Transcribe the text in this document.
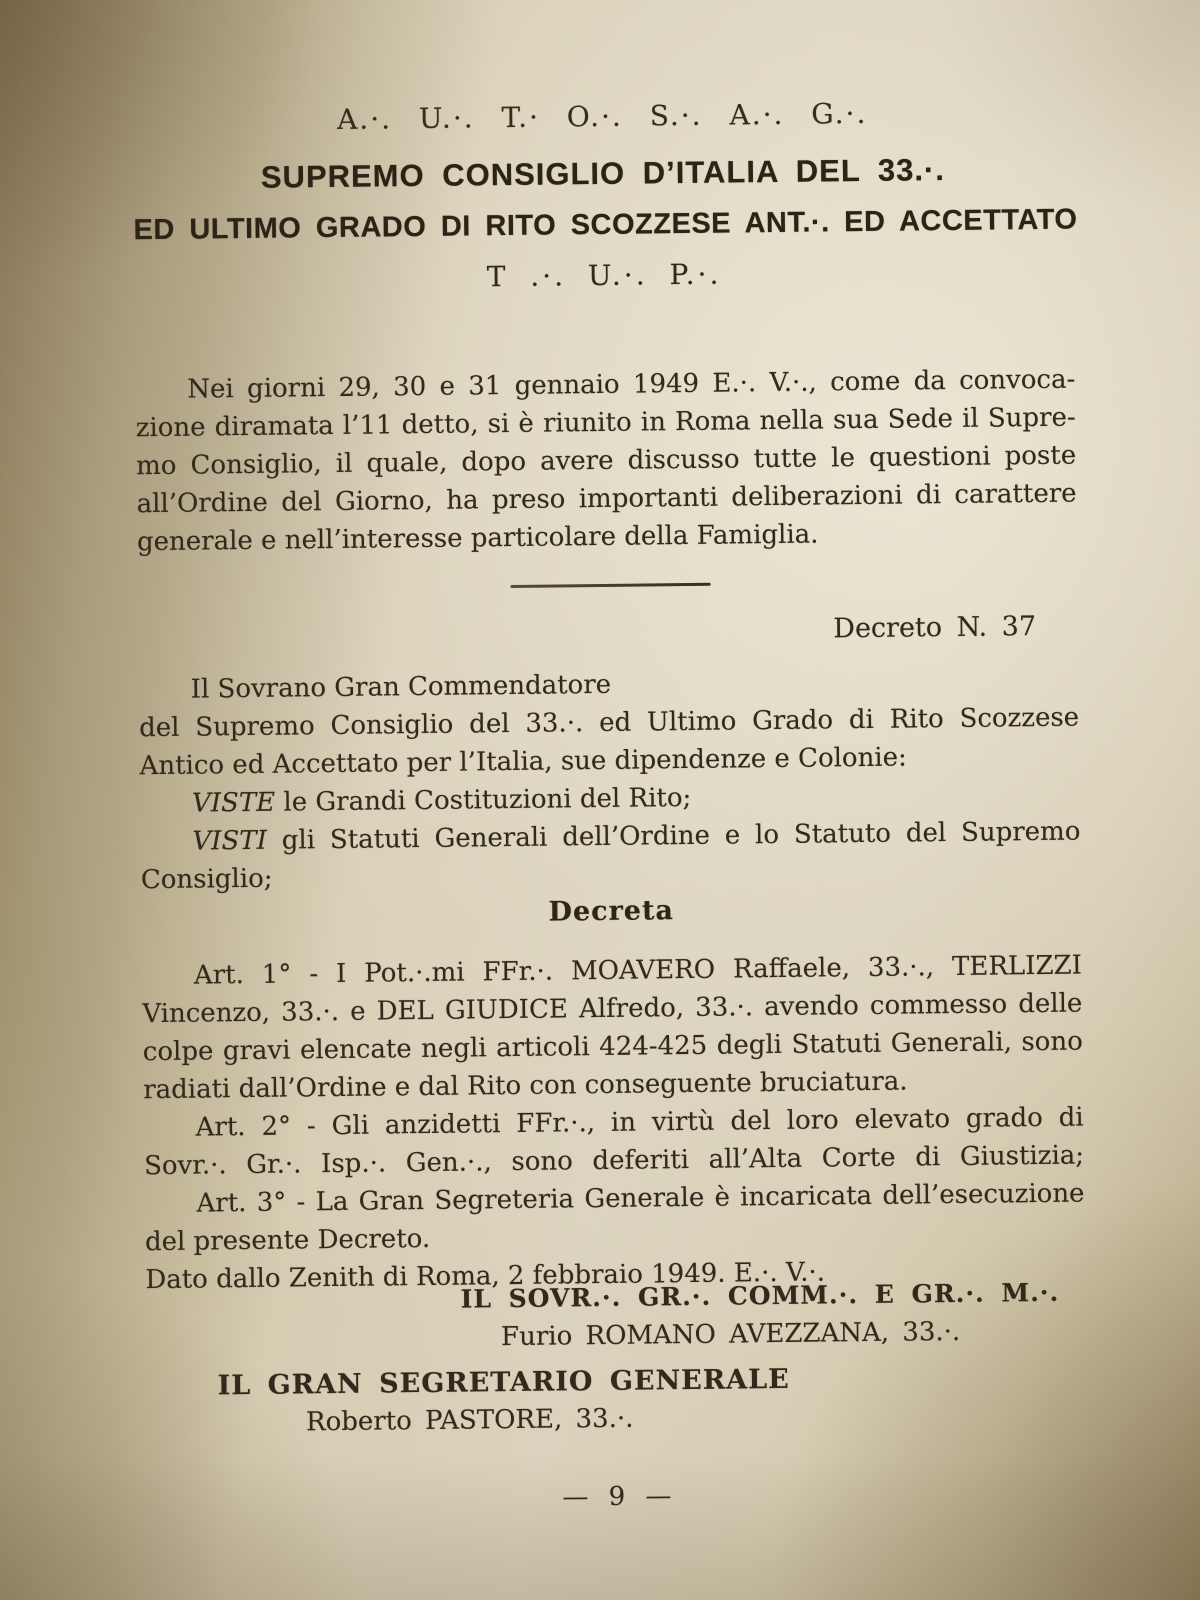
A.·. U.·. T.· O.·. S.·. A.·. G.·.
SUPREMO CONSIGLIO D’ITALIA DEL 33.·.
ED ULTIMO GRADO DI RITO SCOZZESE ANT.·. ED ACCETTATO
T .·. U.·. P.·.
Nei giorni 29, 30 e 31 gennaio 1949 E.·. V.·., come da convoca-
zione diramata l’11 detto, si è riunito in Roma nella sua Sede il Supre-
mo Consiglio, il quale, dopo avere discusso tutte le questioni poste
all’Ordine del Giorno, ha preso importanti deliberazioni di carattere
generale e nell’interesse particolare della Famiglia.
Decreto N. 37
Il Sovrano Gran Commendatore
del Supremo Consiglio del 33.·. ed Ultimo Grado di Rito Scozzese
Antico ed Accettato per l’Italia, sue dipendenze e Colonie:
VISTE le Grandi Costituzioni del Rito;
VISTI gli Statuti Generali dell’Ordine e lo Statuto del Supremo
Consiglio;
Decreta
Art. 1° - I Pot.·.mi FFr.·. MOAVERO Raffaele, 33.·., TERLIZZI
Vincenzo, 33.·. e DEL GIUDICE Alfredo, 33.·. avendo commesso delle
colpe gravi elencate negli articoli 424-425 degli Statuti Generali, sono
radiati dall’Ordine e dal Rito con conseguente bruciatura.
Art. 2° - Gli anzidetti FFr.·., in virtù del loro elevato grado di
Sovr.·. Gr.·. Isp.·. Gen.·., sono deferiti all’Alta Corte di Giustizia;
Art. 3° - La Gran Segreteria Generale è incaricata dell’esecuzione
del presente Decreto.
Dato dallo Zenith di Roma, 2 febbraio 1949. E.·. V.·.
IL SOVR.·. GR.·. COMM.·. E GR.·. M.·.
Furio ROMANO AVEZZANA, 33.·.
IL GRAN SEGRETARIO GENERALE
Roberto PASTORE, 33.·.
— 9 —
